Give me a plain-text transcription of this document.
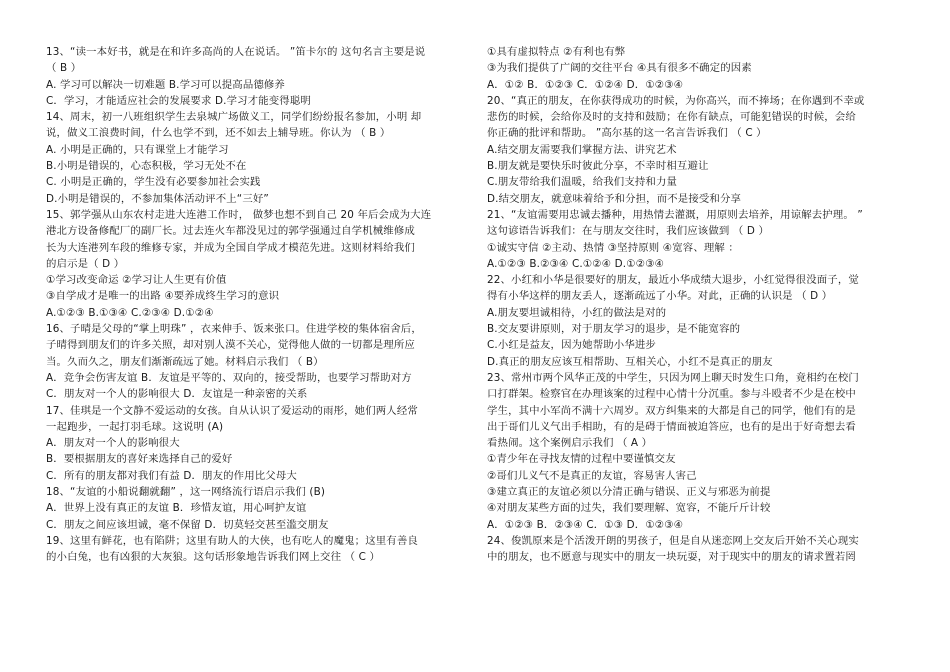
13、“读一本好书，就是在和许多高尚的人在说话。 ”笛卡尔的 这句名言主要是说
（ B ）
A. 学习可以解决一切难题 B.学习可以提高品德修养
C．学习，才能适应社会的发展要求 D.学习才能变得聪明
14、周末，初一八班组织学生去泉城广场做义工，同学们纷纷报名参加，小明 却
说，做义工浪费时间，什么也学不到，还不如去上辅导班。你认为 （ B ）
A. 小明是正确的，只有课堂上才能学习
B.小明是错误的，心态积极，学习无处不在
C. 小明是正确的，学生没有必要参加社会实践
D.小明是错误的，不参加集体活动评不上“三好”
15、郭学强从山东农村走进大连港工作时， 做梦也想不到自己 20 年后会成为大连
港北方设备修配厂的副厂长。过去连火车都没见过的郭学强通过自学机械维修成
长为大连港列车段的维修专家，并成为全国自学成才模范先进。这则材料给我们
的启示是（ D ）
①学习改变命运 ②学习让人生更有价值
③自学成才是唯一的出路 ④要养成终生学习的意识
A.①②③ B.①③④ C.②③④ D.①②④
16、子晴是父母的“掌上明珠” ，衣来伸手、饭来张口。住进学校的集体宿舍后，
子晴得到朋友们的许多关照，却对别人漠不关心，觉得他人做的一切都是理所应
当。久而久之，朋友们渐渐疏远了她。材料启示我们 （ B）
A．竞争会伤害友谊 B．友谊是平等的、双向的，接受帮助，也要学习帮助对方
C．朋友对一个人的影响很大 D．友谊是一种亲密的关系
17、佳琪是一个文静不爱运动的女孩。自从认识了爱运动的雨彤，她们两人经常
一起跑步，一起打羽毛球。这说明 (A)
A．朋友对一个人的影响很大
B．要根据朋友的喜好来选择自己的爱好
C．所有的朋友都对我们有益 D．朋友的作用比父母大
18、“友谊的小船说翻就翻” ，这一网络流行语启示我们 (B)
A．世界上没有真正的友谊 B．珍惜友谊，用心呵护友谊
C．朋友之间应该坦诚，毫不保留 D．切莫轻交甚至滥交朋友
19、这里有鲜花，也有陷阱；这里有助人的大侠，也有吃人的魔鬼；这里有善良
的小白兔，也有凶狠的大灰狼。这句话形象地告诉我们网上交往 （ C ）
①具有虚拟特点 ②有利也有弊
③为我们提供了广阔的交往平台 ④具有很多不确定的因素
A．①② B．①②③ C．①②④ D．①②③④
20、“真正的朋友，在你获得成功的时候，为你高兴，而不捧场；在你遇到不幸或
悲伤的时候，会给你及时的支持和鼓励；在你有缺点，可能犯错误的时候，会给
你正确的批评和帮助。 ”高尔基的这一名言告诉我们 （ C ）
A.结交朋友需要我们掌握方法、讲究艺术
B.朋友就是要快乐时彼此分享，不幸时相互避让
C.朋友带给我们温暖，给我们支持和力量
D.结交朋友，就意味着给予和分担，而不是接受和分享
21、“友谊需要用忠诚去播种，用热情去灌溉，用原则去培养，用谅解去护理。 ”
这句谚语告诉我们：在与朋友交往时，我们应该做到 （ D ）
①诚实守信 ②主动、热情 ③坚持原则 ④宽容、理解 ：
A.①②③ B.②③④ C.①②④ D.①②③④
22、小红和小华是很要好的朋友，最近小华成绩大退步，小红觉得很没面子，觉
得有小华这样的朋友丢人，逐渐疏远了小华。对此，正确的认识是 （ D ）
A.朋友要坦诚相待，小红的做法是对的
B.交友要讲原则，对于朋友学习的退步，是不能宽容的
C.小红是益友，因为她帮助小华进步
D.真正的朋友应该互相帮助、互相关心，小红不是真正的朋友
23、常州市两个风华正茂的中学生，只因为网上聊天时发生口角，竟相约在校门
口打群架。检察官在办理该案的过程中心情十分沉重。参与斗殴者不少是在校中
学生，其中小军尚不满十六周岁。双方纠集来的大都是自己的同学，他们有的是
出于哥们儿义气出手相助，有的是碍于情面被迫答应，也有的是出于好奇想去看
看热闹。这个案例启示我们 （ A ）
①青少年在寻找友情的过程中要谨慎交友
②哥们儿义气不是真正的友谊，容易害人害己
③建立真正的友谊必须以分清正确与错误、正义与邪恶为前提
④对朋友某些方面的过失，我们要理解、宽容，不能斤斤计较
A．①②③ B．②③④ C．①③ D．①②③④
24、俊凯原来是个活泼开朗的男孩子，但是自从迷恋网上交友后开始不关心现实
中的朋友，也不愿意与现实中的朋友一块玩耍，对于现实中的朋友的请求置若罔
